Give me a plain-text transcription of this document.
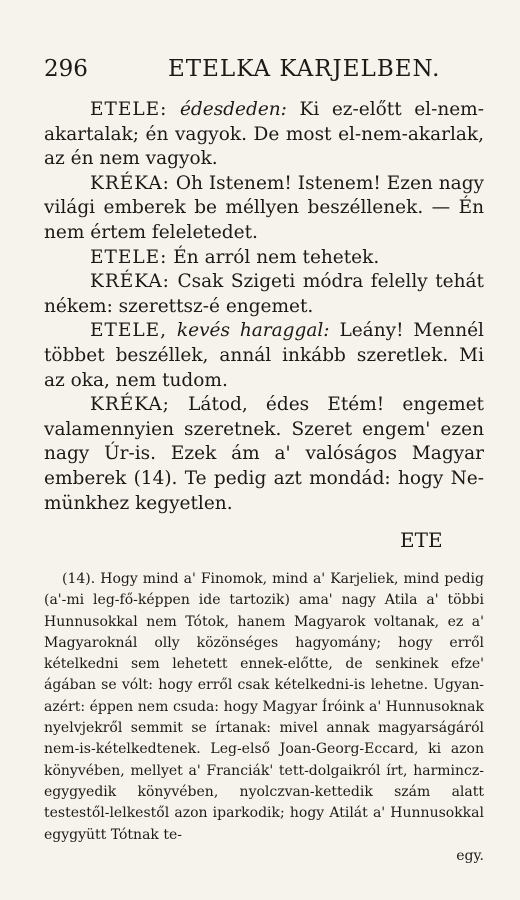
296	ETELKA KARJELBEN.

ETELE: édesdeden: Ki ez-előtt el-nem-akartalak; én vagyok. De most el-nem-akarlak, az én nem vagyok.

KRÉKA: Oh Istenem! Istenem! Ezen nagy világi emberek be méllyen beszéllenek. — Én nem értem feleletedet.

ETELE: Én arról nem tehetek.

KRÉKA: Csak Szigeti módra felelly tehát nékem: szerettsz-é engemet.

ETELE, kevés haraggal: Leány! Mennél többet beszéllek, annál inkább szeretlek. Mi az oka, nem tudom.

KRÉKA; Látod, édes Etém! engemet valamennyien szeretnek. Szeret engem' ezen nagy Úr-is. Ezek ám a' valóságos Magyar emberek (14). Te pedig azt mondád: hogy Ne-münkhez kegyetlen.

ETE

(14). Hogy mind a' Finomok, mind a' Karjeliek, mind pedig (a'-mi leg-fő-képpen ide tartozik) ama' nagy Atila a' többi Hunnusokkal nem Tótok, hanem Magyarok voltanak, ez a' Magyaroknál olly közönséges hagyomány; hogy erről kételkedni sem lehetett ennek-előtte, de senkinek efze' ágában se vólt: hogy erről csak kételkedni-is lehetne. Ugyan-azért: éppen nem csuda: hogy Magyar Íróink a' Hunnusoknak nyelvjekről semmit se írtanak: mivel annak magyarságáról nem-is-kételkedtenek. Leg-első Joan-Georg-Eccard, ki azon könyvében, mellyet a' Franciák' tett-dolgaikról írt, harmincz-egygyedik könyvében, nyolczvan-kettedik szám alatt testestől-lelkestől azon iparkodik; hogy Atilát a' Hunnusokkal egygyütt Tótnak te-
egy.
